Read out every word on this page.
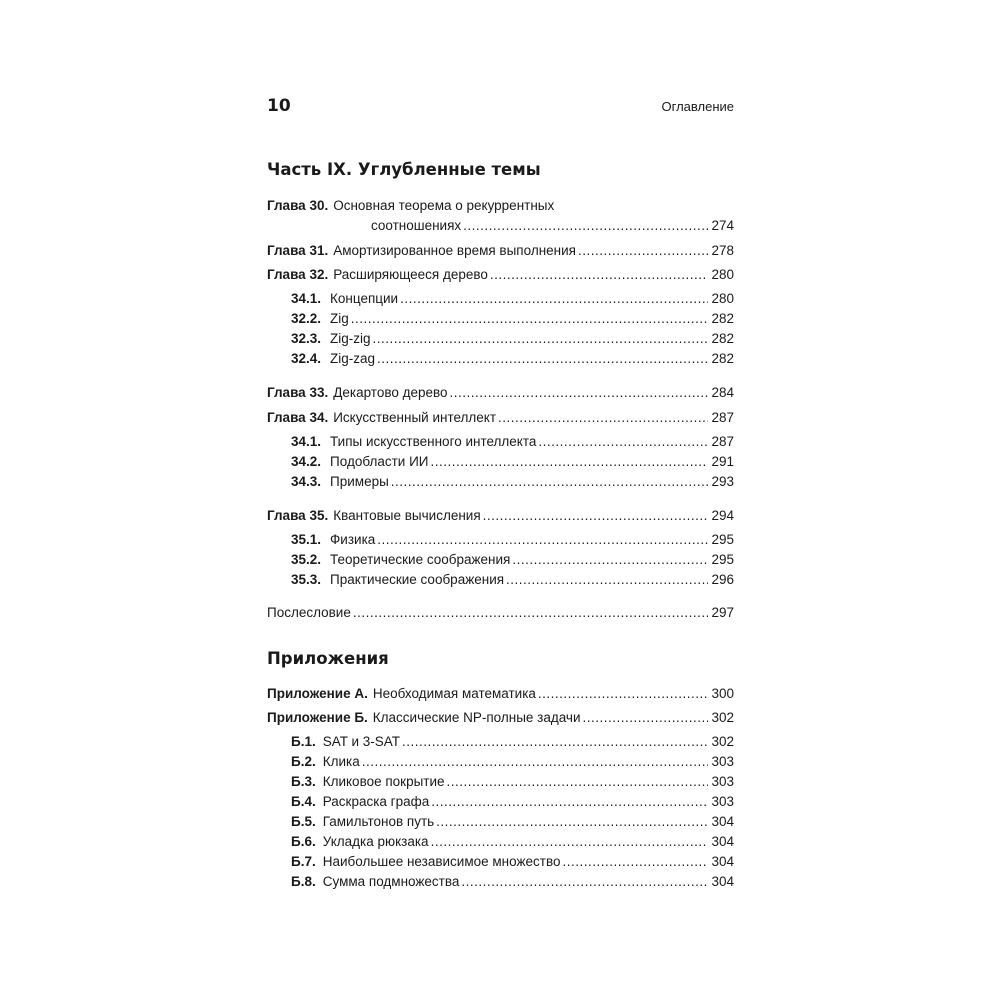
10	Оглавление
Часть IX. Углубленные темы
Глава 30. Основная теорема о рекуррентных
соотношениях .....	274
Глава 31. Амортизированное время выполнения .....	278
Глава 32. Расширяющееся дерево .....	280
34.1. Концепции .....	280
32.2. Zig .....	282
32.3. Zig-zig .....	282
32.4. Zig-zag .....	282
Глава 33. Декартово дерево .....	284
Глава 34. Искусственный интеллект .....	287
34.1. Типы искусственного интеллекта .....	287
34.2. Подобласти ИИ .....	291
34.3. Примеры .....	293
Глава 35. Квантовые вычисления .....	294
35.1. Физика .....	295
35.2. Теоретические соображения .....	295
35.3. Практические соображения .....	296
Послесловие .....	297
Приложения
Приложение А. Необходимая математика .....	300
Приложение Б. Классические NP-полные задачи .....	302
Б.1. SAT и 3-SAT .....	302
Б.2. Клика .....	303
Б.3. Кликовое покрытие .....	303
Б.4. Раскраска графа .....	303
Б.5. Гамильтонов путь .....	304
Б.6. Укладка рюкзака .....	304
Б.7. Наибольшее независимое множество .....	304
Б.8. Сумма подмножества .....	304
